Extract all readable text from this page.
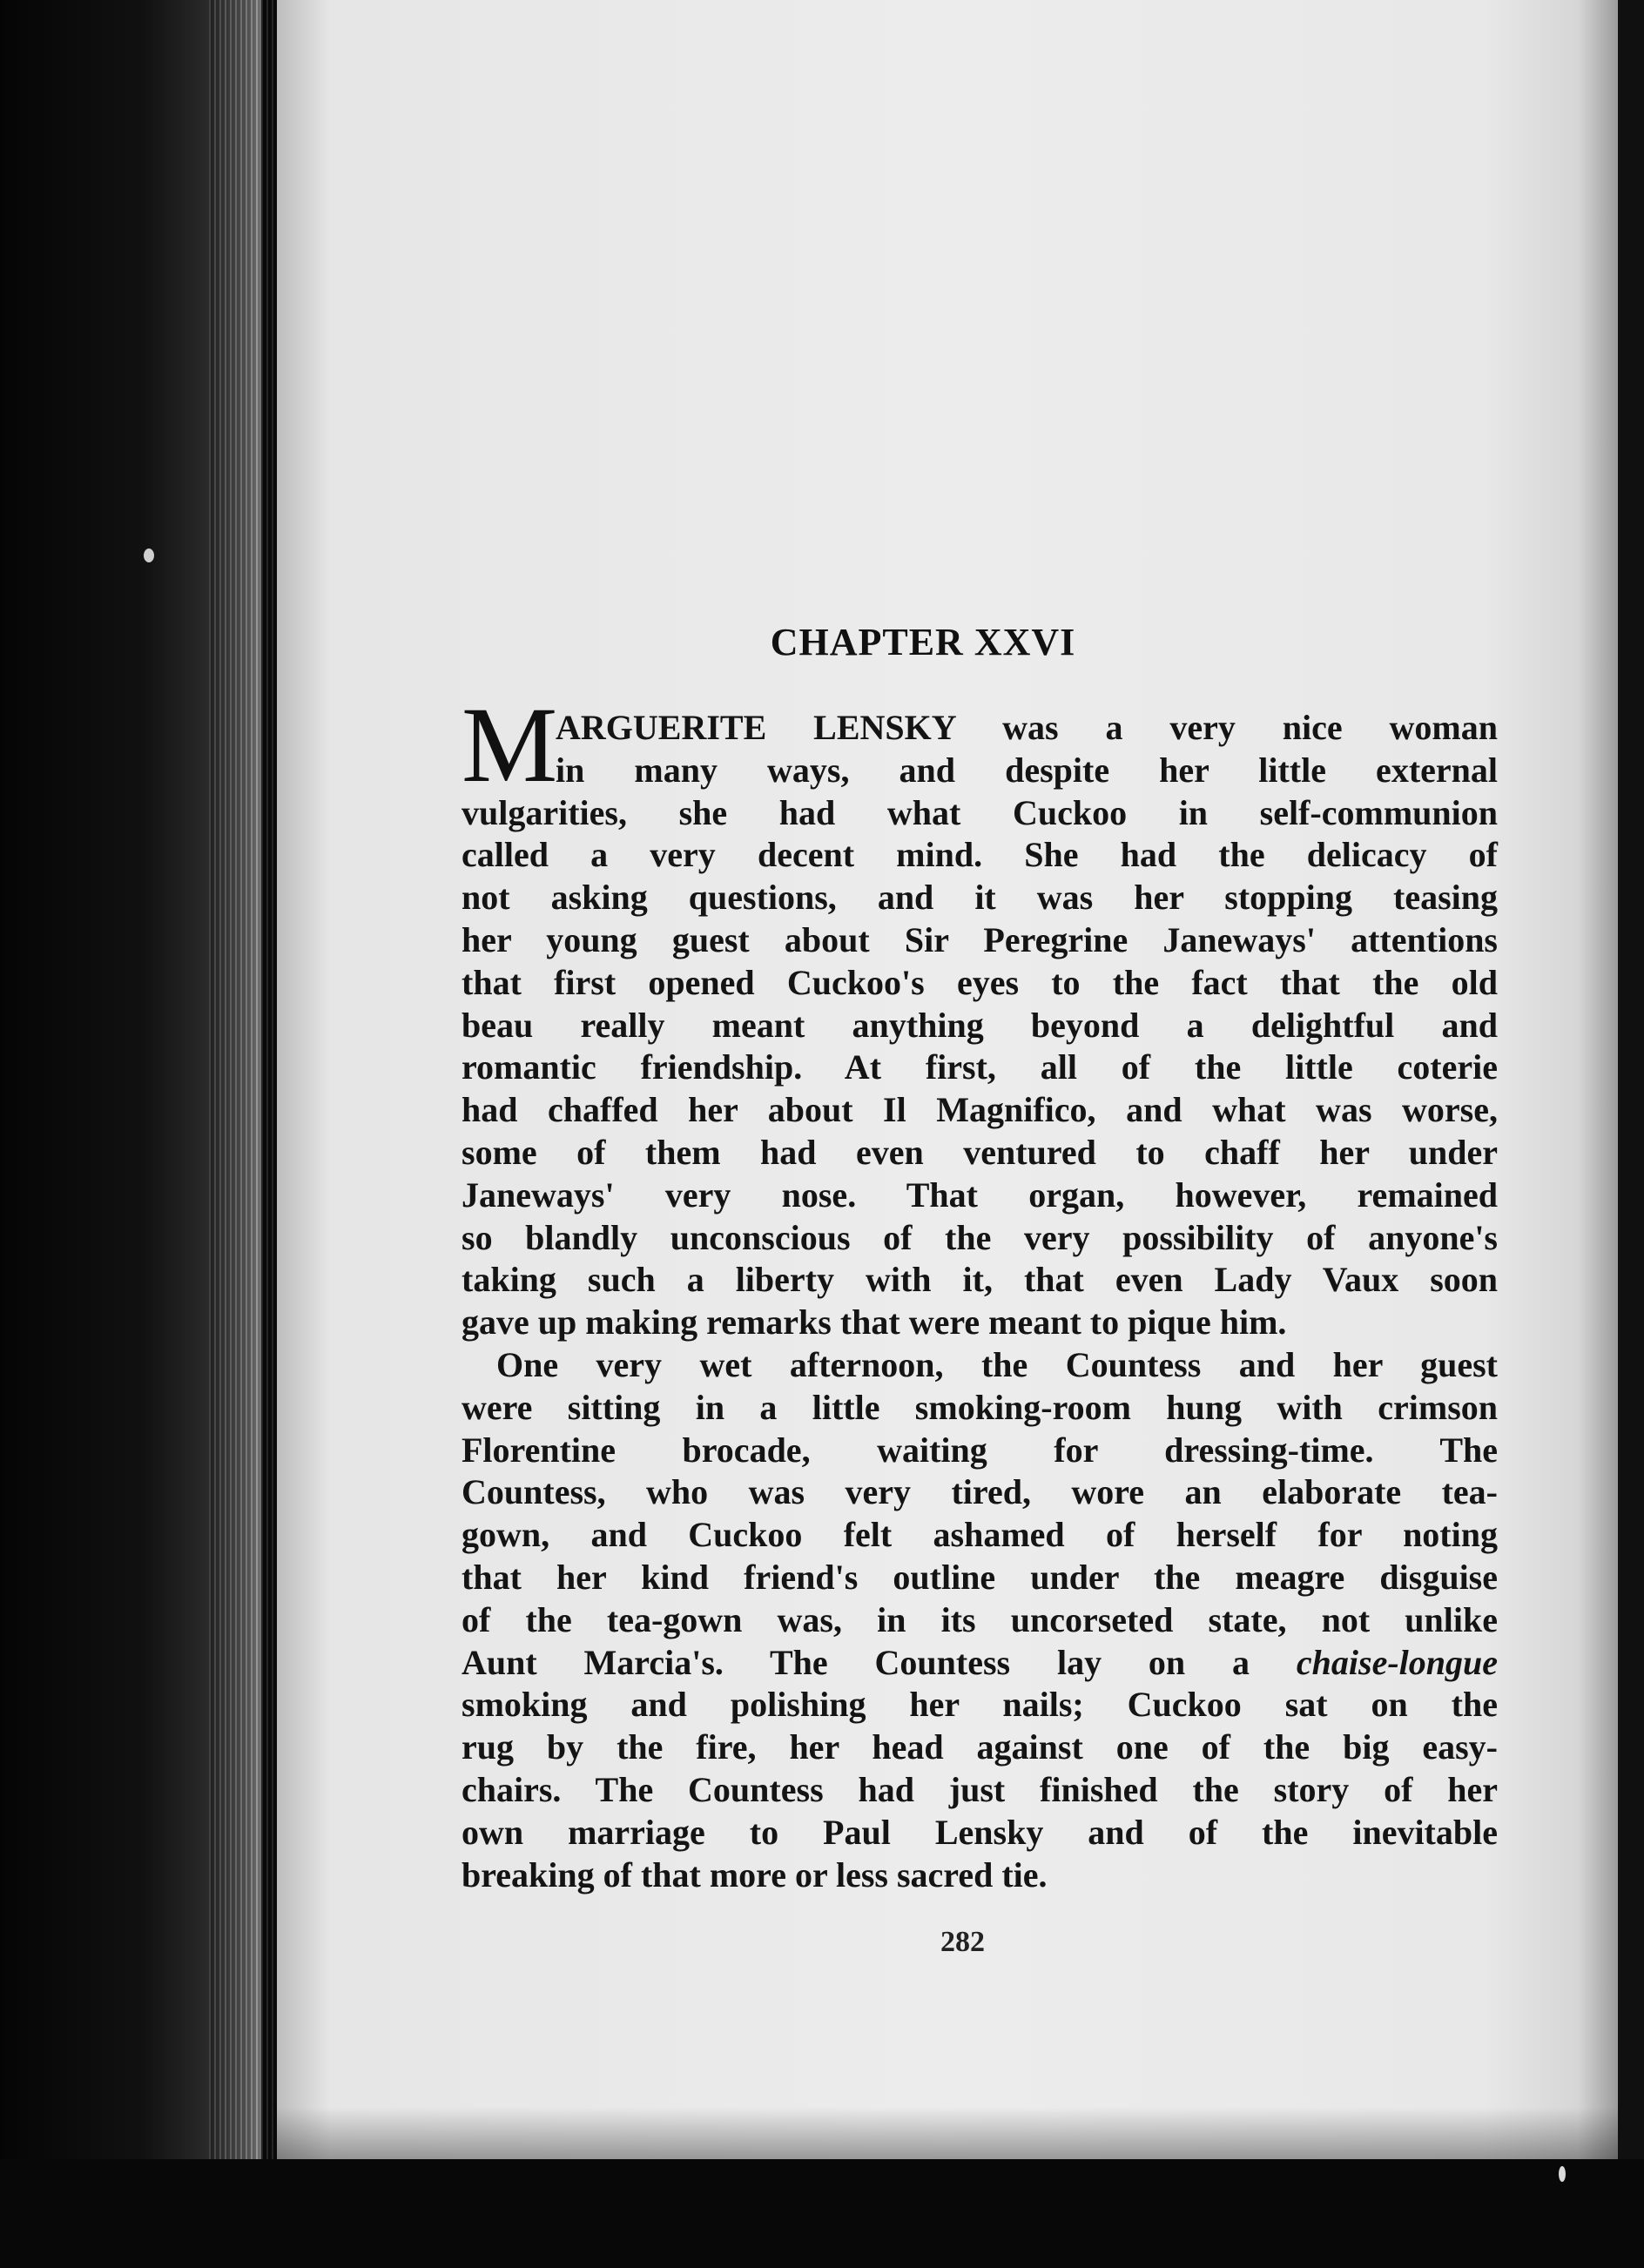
CHAPTER XXVI
M
ARGUERITE LENSKY was a very nice woman
in many ways, and despite her little external
vulgarities, she had what Cuckoo in self-communion
called a very decent mind. She had the delicacy of
not asking questions, and it was her stopping teasing
her young guest about Sir Peregrine Janeways' attentions
that first opened Cuckoo's eyes to the fact that the old
beau really meant anything beyond a delightful and
romantic friendship. At first, all of the little coterie
had chaffed her about Il Magnifico, and what was worse,
some of them had even ventured to chaff her under
Janeways' very nose. That organ, however, remained
so blandly unconscious of the very possibility of anyone's
taking such a liberty with it, that even Lady Vaux soon
gave up making remarks that were meant to pique him.
One very wet afternoon, the Countess and her guest
were sitting in a little smoking-room hung with crimson
Florentine brocade, waiting for dressing-time. The
Countess, who was very tired, wore an elaborate tea-
gown, and Cuckoo felt ashamed of herself for noting
that her kind friend's outline under the meagre disguise
of the tea-gown was, in its uncorseted state, not unlike
Aunt Marcia's. The Countess lay on a chaise-longue
smoking and polishing her nails; Cuckoo sat on the
rug by the fire, her head against one of the big easy-
chairs. The Countess had just finished the story of her
own marriage to Paul Lensky and of the inevitable
breaking of that more or less sacred tie.
282
